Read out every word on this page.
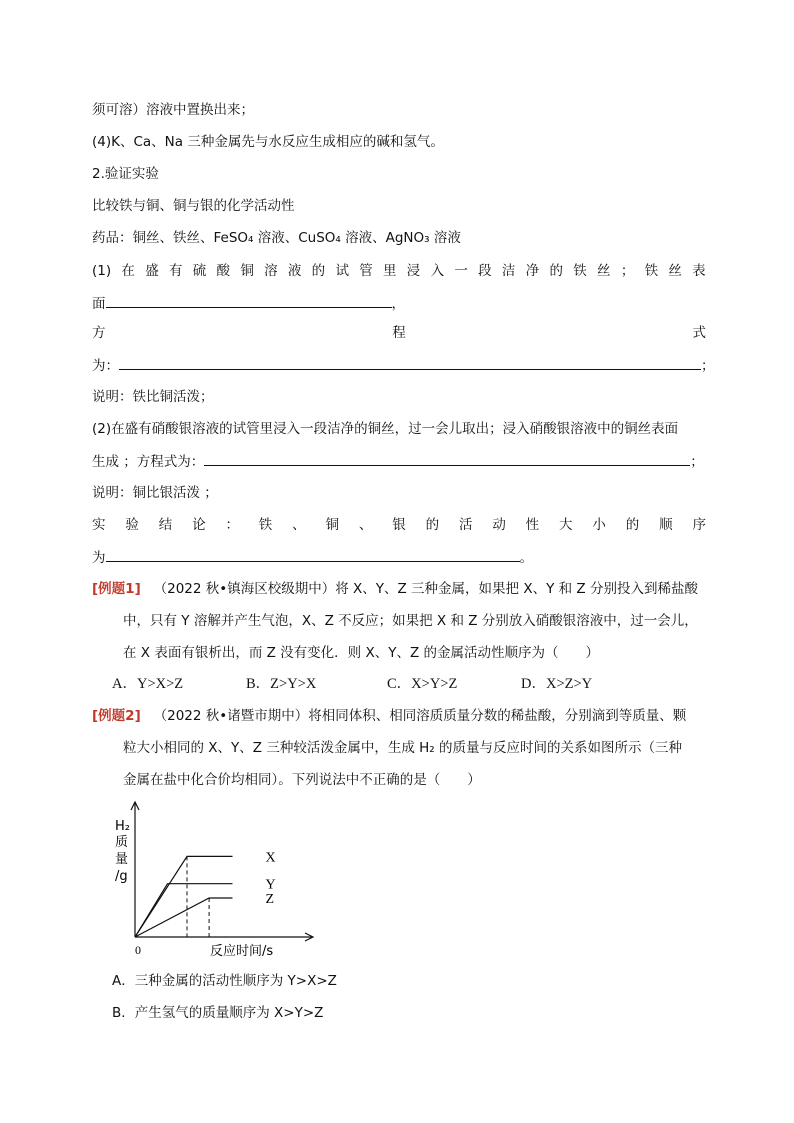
须可溶）溶液中置换出来；
(4)K、Ca、Na 三种金属先与水反应生成相应的碱和氢气。
2.验证实验
比较铁与铜、铜与银的化学活动性
药品：铜丝、铁丝、FeSO₄ 溶液、CuSO₄ 溶液、AgNO₃ 溶液
(1) 在 盛 有 硫 酸 铜 溶 液 的 试 管 里 浸 入 一 段 洁 净 的 铁 丝 ； 铁 丝 表
面	，
方	程	式
为：	；
说明：铁比铜活泼；
(2)在盛有硝酸银溶液的试管里浸入一段洁净的铜丝，过一会儿取出；浸入硝酸银溶液中的铜丝表面
生成 ；方程式为：	；
说明：铜比银活泼 ；
实 验 结 论 ： 铁 、 铜 、 银 的 活 动 性 大 小 的 顺 序
为	。
[例题1] （2022 秋•镇海区校级期中）将 X、Y、Z 三种金属，如果把 X、Y 和 Z 分别投入到稀盐酸
中，只有 Y 溶解并产生气泡，X、Z 不反应；如果把 X 和 Z 分别放入硝酸银溶液中，过一会儿，
在 X 表面有银析出，而 Z 没有变化．则 X、Y、Z 的金属活动性顺序为（　　）
A．Y>X>Z	B．Z>Y>X	C．X>Y>Z	D．X>Z>Y
[例题2] （2022 秋•诸暨市期中）将相同体积、相同溶质质量分数的稀盐酸，分别滴到等质量、颗
粒大小相同的 X、Y、Z 三种较活泼金属中，生成 H₂ 的质量与反应时间的关系如图所示（三种
金属在盐中化合价均相同）。下列说法中不正确的是（　　）
X
Y
Z
H₂
质
量
/g
0	反应时间/s
A．三种金属的活动性顺序为 Y>X>Z
B．产生氢气的质量顺序为 X>Y>Z
